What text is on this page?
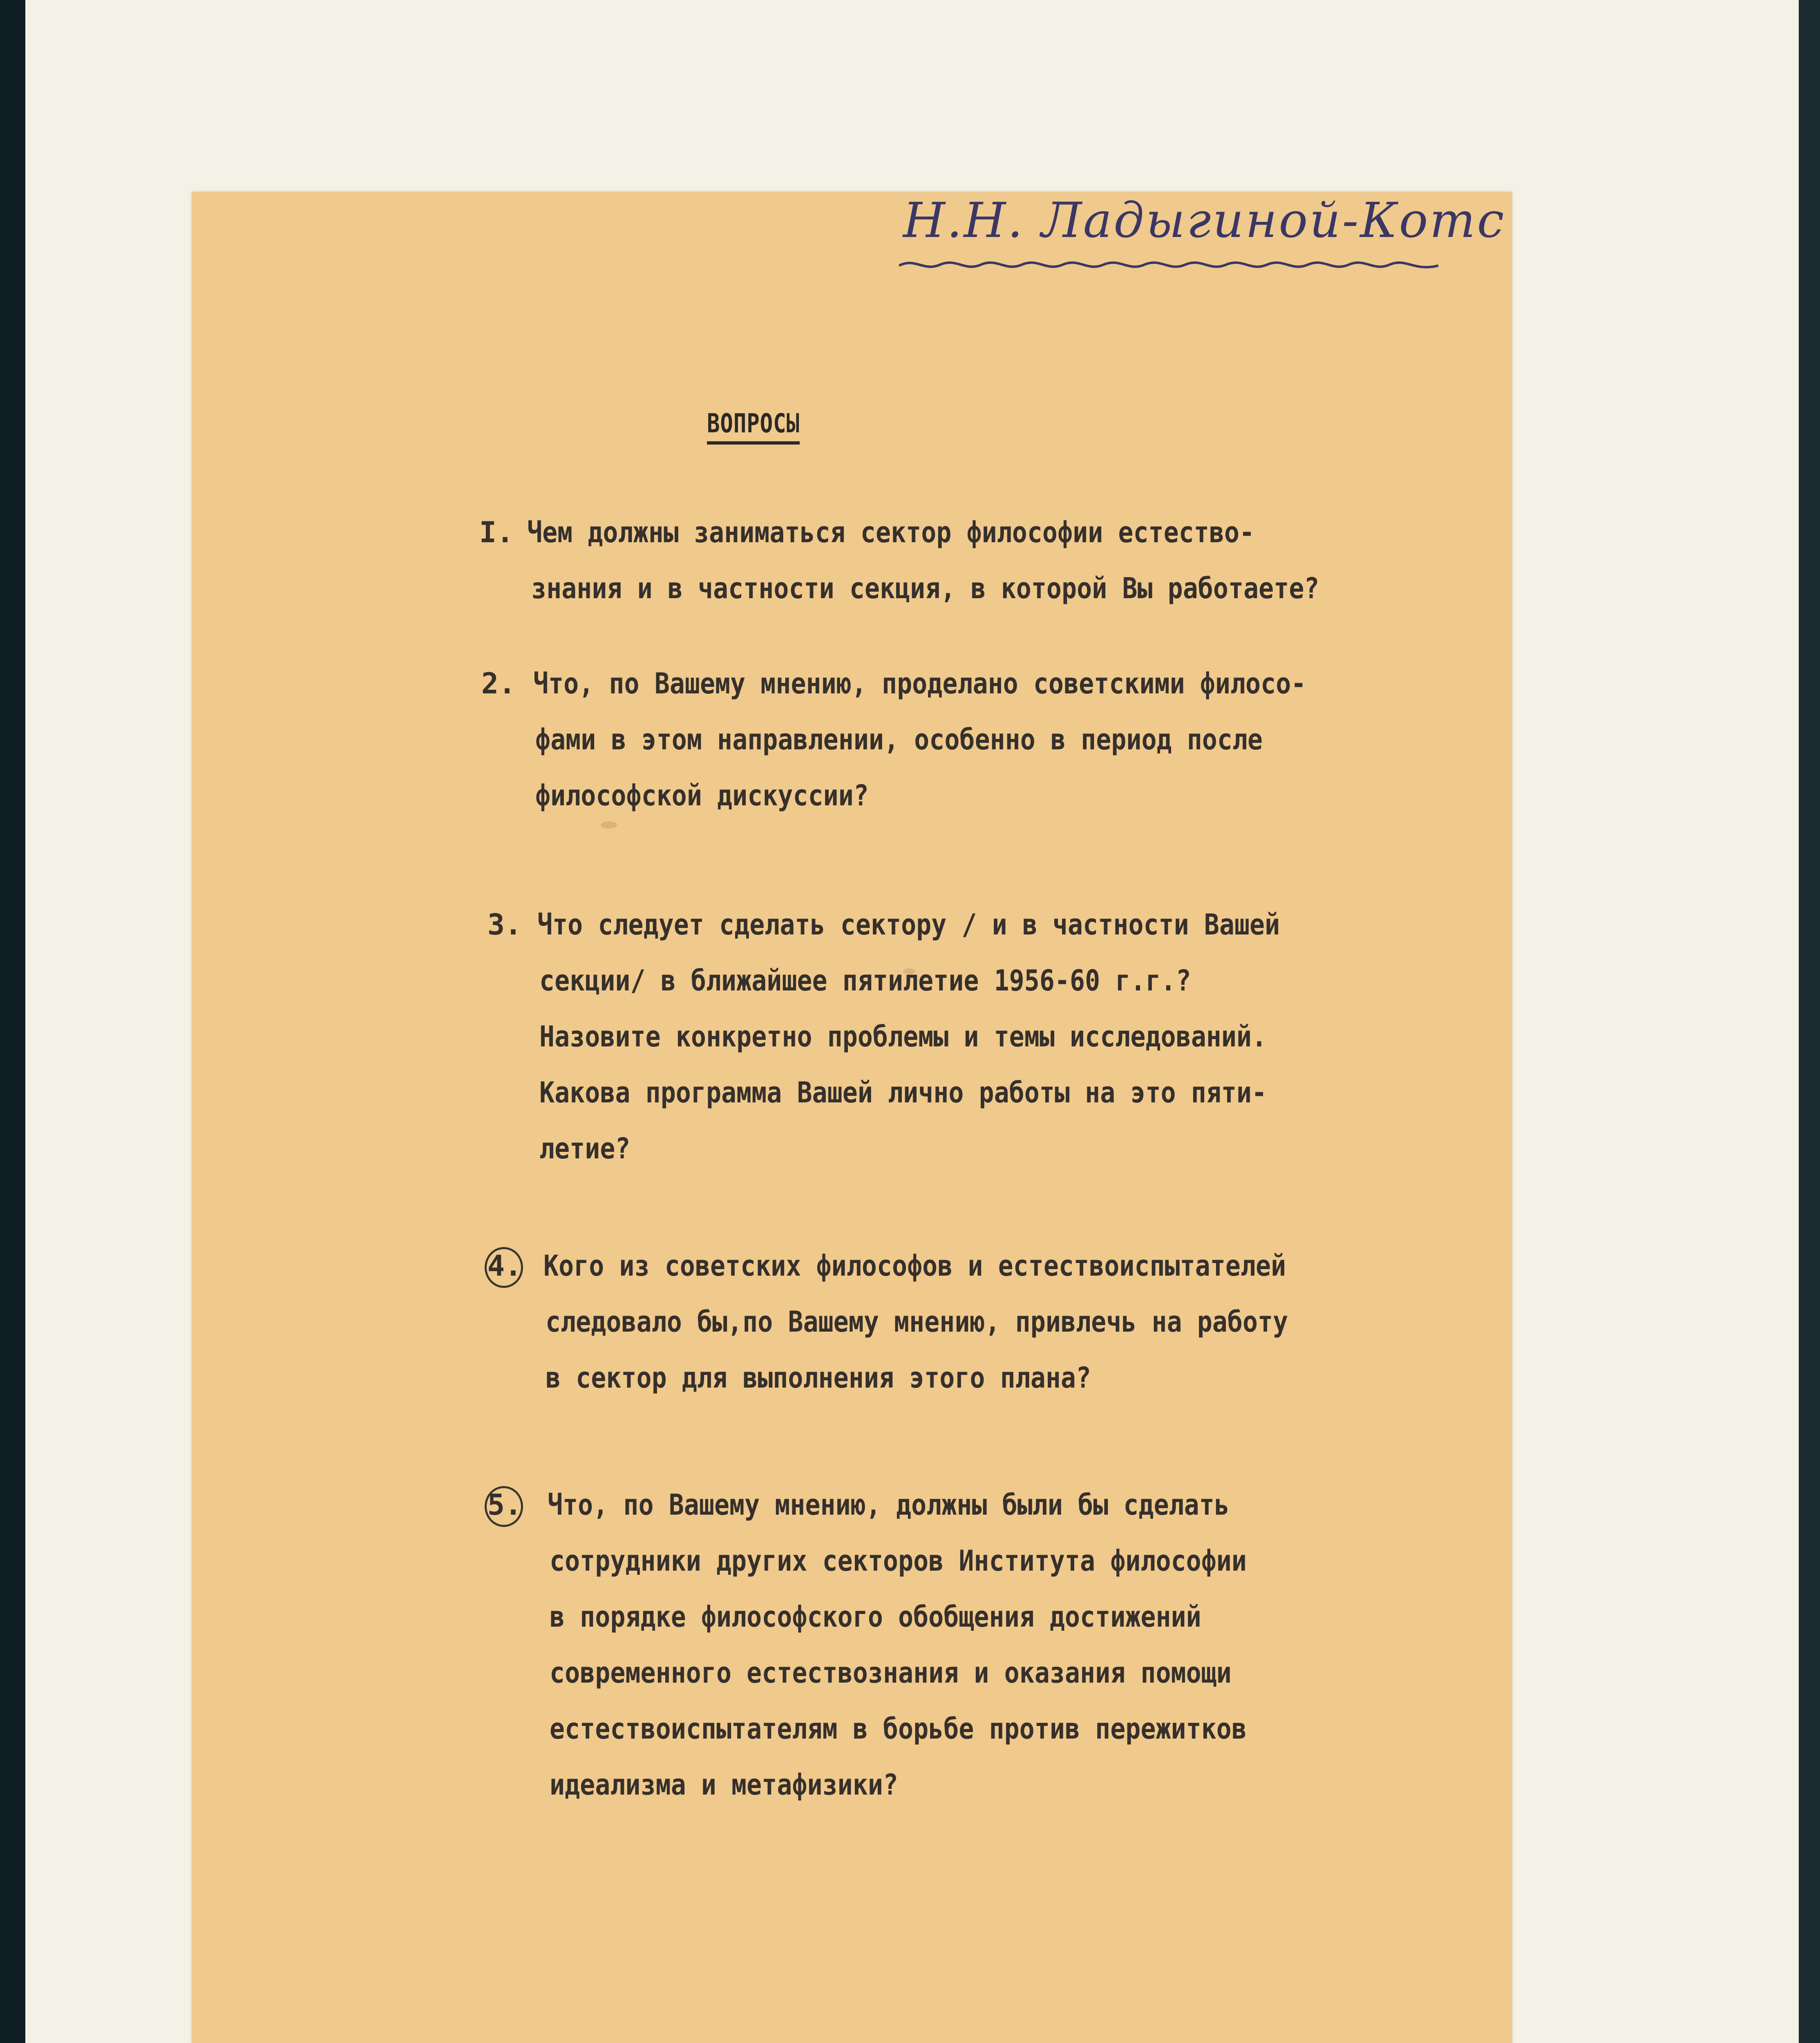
Н.Н. Ладыгиной-Котс
ВОПРОСЫ
I. Чем должны заниматься сектор философии естество-
знания и в частности секция, в которой Вы работаете?
2. Что, по Вашему мнению, проделано советскими филосо-
фами в этом направлении, особенно в период после
философской дискуссии?
3. Что следует сделать сектору / и в частности Вашей
секции/ в ближайшее пятилетие 1956-60 г.г.?
Назовите конкретно проблемы и темы исследований.
Какова программа Вашей лично работы на это пяти-
летие?
4. Кого из советских философов и естествоиспытателей
следовало бы,по Вашему мнению, привлечь на работу
в сектор для выполнения этого плана?
5. Что, по Вашему мнению, должны были бы сделать
сотрудники других секторов Института философии
в порядке философского обобщения достижений
современного естествознания и оказания помощи
естествоиспытателям в борьбе против пережитков
идеализма и метафизики?
